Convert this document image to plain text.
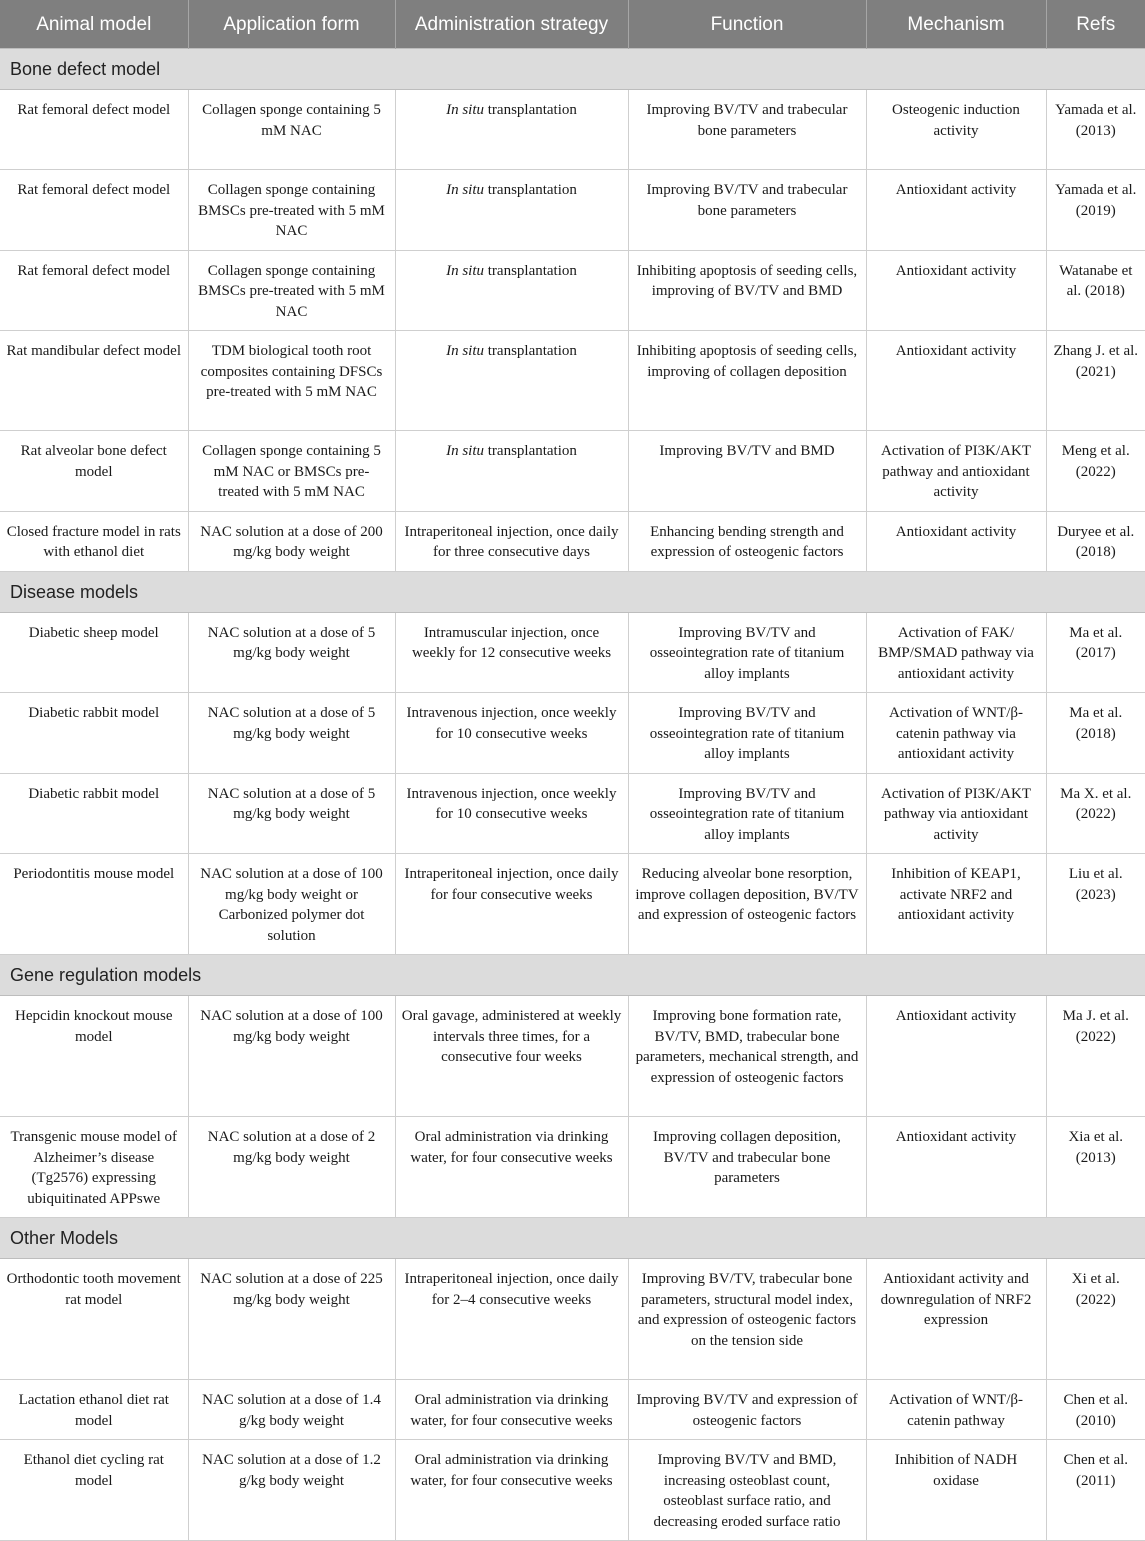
Animal model	Application form	Administration strategy	Function	Mechanism	Refs
Bone defect model					
Rat femoral defect model	Collagen sponge containing 5 mM NAC	In situ transplantation	Improving BV/TV and trabecular bone parameters	Osteogenic induction activity	Yamada et al. (2013)
Rat femoral defect model	Collagen sponge containing BMSCs pre-treated with 5 mM NAC	In situ transplantation	Improving BV/TV and trabecular bone parameters	Antioxidant activity	Yamada et al. (2019)
Rat femoral defect model	Collagen sponge containing BMSCs pre-treated with 5 mM NAC	In situ transplantation	Inhibiting apoptosis of seeding cells, improving of BV/TV and BMD	Antioxidant activity	Watanabe et al. (2018)
Rat mandibular defect model	TDM biological tooth root composites containing DFSCs pre-treated with 5 mM NAC	In situ transplantation	Inhibiting apoptosis of seeding cells, improving of collagen deposition	Antioxidant activity	Zhang J. et al. (2021)
Rat alveolar bone defect model	Collagen sponge containing 5 mM NAC or BMSCs pre-treated with 5 mM NAC	In situ transplantation	Improving BV/TV and BMD	Activation of PI3K/AKT pathway and antioxidant activity	Meng et al. (2022)
Closed fracture model in rats with ethanol diet	NAC solution at a dose of 200 mg/kg body weight	Intraperitoneal injection, once daily for three consecutive days	Enhancing bending strength and expression of osteogenic factors	Antioxidant activity	Duryee et al. (2018)
Disease models					
Diabetic sheep model	NAC solution at a dose of 5 mg/kg body weight	Intramuscular injection, once weekly for 12 consecutive weeks	Improving BV/TV and osseointegration rate of titanium alloy implants	Activation of FAK/ BMP/SMAD pathway via antioxidant activity	Ma et al. (2017)
Diabetic rabbit model	NAC solution at a dose of 5 mg/kg body weight	Intravenous injection, once weekly for 10 consecutive weeks	Improving BV/TV and osseointegration rate of titanium alloy implants	Activation of WNT/β-catenin pathway via antioxidant activity	Ma et al. (2018)
Diabetic rabbit model	NAC solution at a dose of 5 mg/kg body weight	Intravenous injection, once weekly for 10 consecutive weeks	Improving BV/TV and osseointegration rate of titanium alloy implants	Activation of PI3K/AKT pathway via antioxidant activity	Ma X. et al. (2022)
Periodontitis mouse model	NAC solution at a dose of 100 mg/kg body weight or Carbonized polymer dot solution	Intraperitoneal injection, once daily for four consecutive weeks	Reducing alveolar bone resorption, improve collagen deposition, BV/TV and expression of osteogenic factors	Inhibition of KEAP1, activate NRF2 and antioxidant activity	Liu et al. (2023)
Gene regulation models					
Hepcidin knockout mouse model	NAC solution at a dose of 100 mg/kg body weight	Oral gavage, administered at weekly intervals three times, for a consecutive four weeks	Improving bone formation rate, BV/TV, BMD, trabecular bone parameters, mechanical strength, and expression of osteogenic factors	Antioxidant activity	Ma J. et al. (2022)
Transgenic mouse model of Alzheimer’s disease (Tg2576) expressing ubiquitinated APPswe	NAC solution at a dose of 2 mg/kg body weight	Oral administration via drinking water, for four consecutive weeks	Improving collagen deposition, BV/TV and trabecular bone parameters	Antioxidant activity	Xia et al. (2013)
Other Models					
Orthodontic tooth movement rat model	NAC solution at a dose of 225 mg/kg body weight	Intraperitoneal injection, once daily for 2–4 consecutive weeks	Improving BV/TV, trabecular bone parameters, structural model index, and expression of osteogenic factors on the tension side	Antioxidant activity and downregulation of NRF2 expression	Xi et al. (2022)
Lactation ethanol diet rat model	NAC solution at a dose of 1.4 g/kg body weight	Oral administration via drinking water, for four consecutive weeks	Improving BV/TV and expression of osteogenic factors	Activation of WNT/β-catenin pathway	Chen et al. (2010)
Ethanol diet cycling rat model	NAC solution at a dose of 1.2 g/kg body weight	Oral administration via drinking water, for four consecutive weeks	Improving BV/TV and BMD, increasing osteoblast count, osteoblast surface ratio, and decreasing eroded surface ratio	Inhibition of NADH oxidase	Chen et al. (2011)
